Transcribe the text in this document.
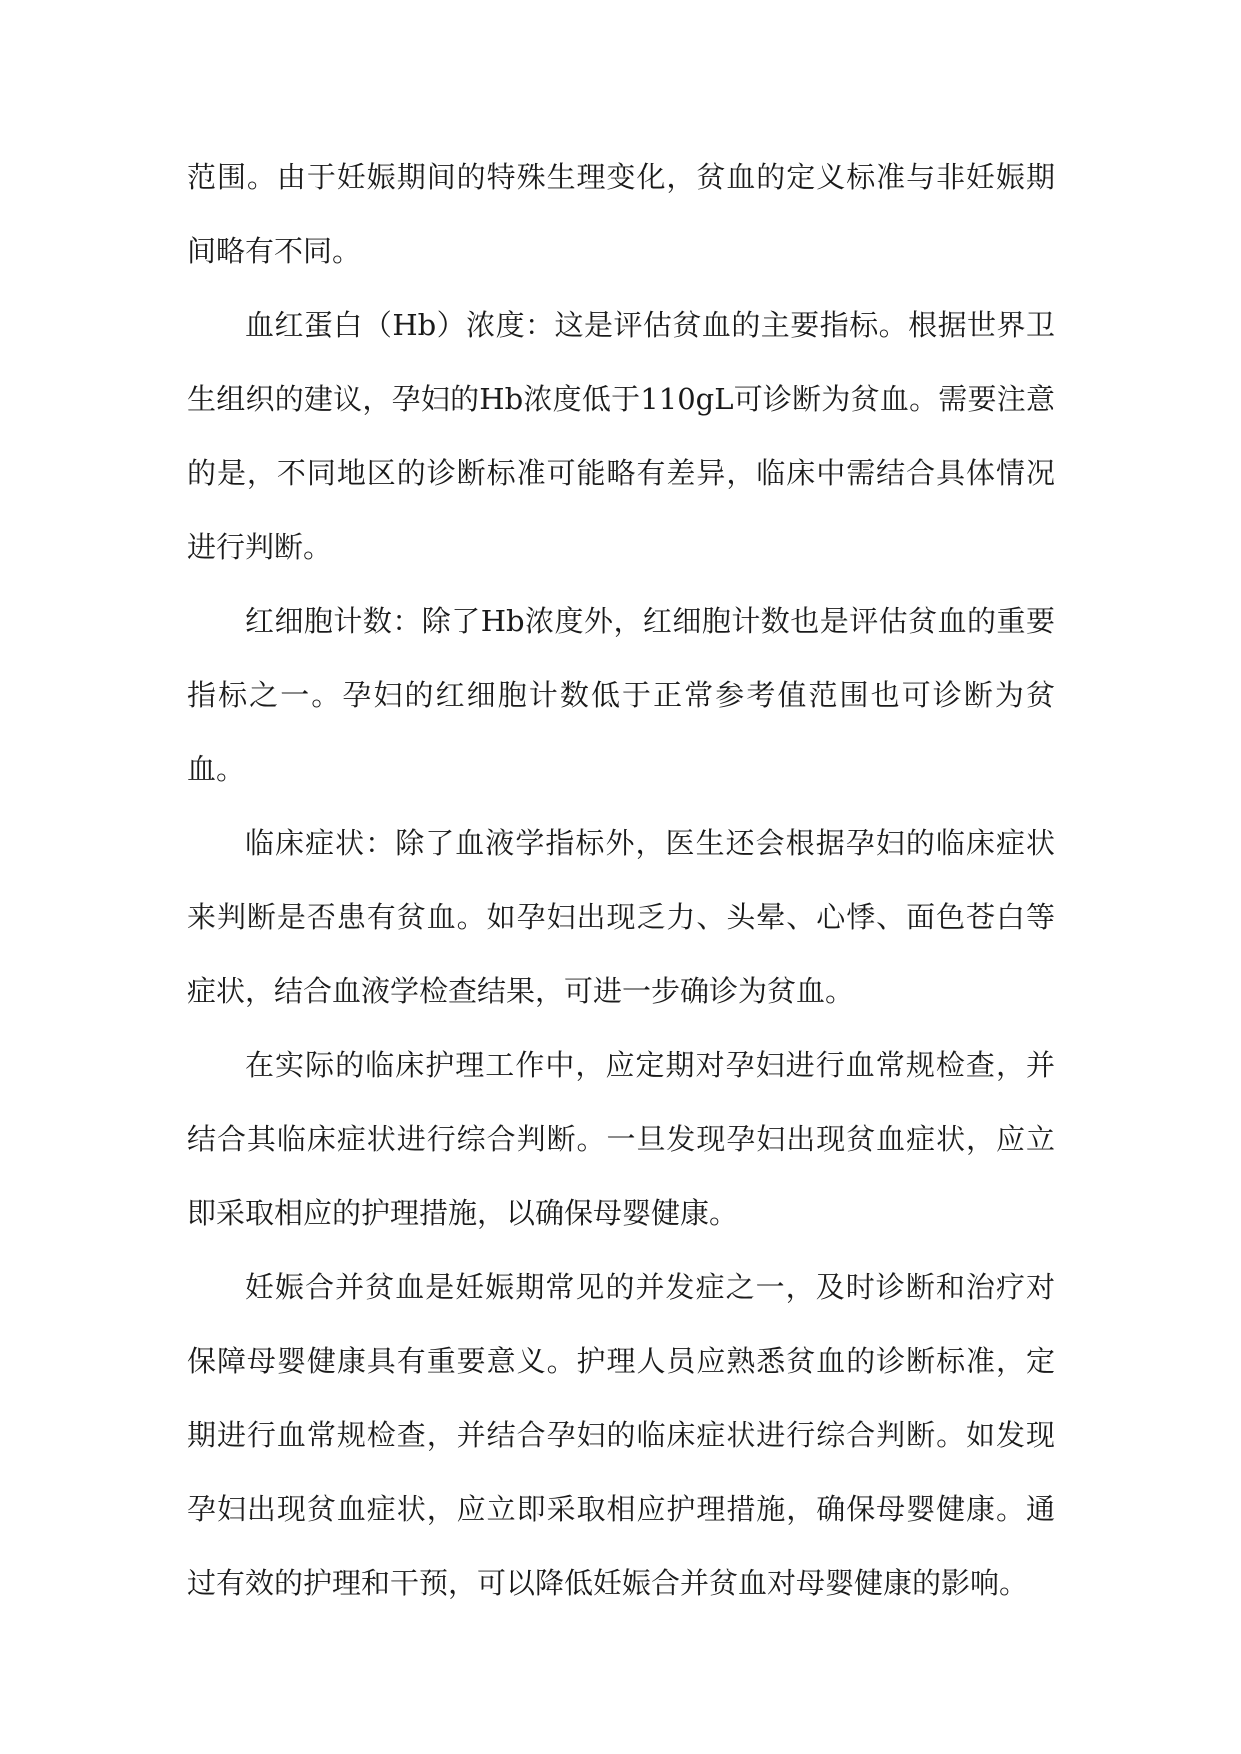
范围。由于妊娠期间的特殊生理变化，贫血的定义标准与非妊娠期间略有不同。

血红蛋白（Hb）浓度：这是评估贫血的主要指标。根据世界卫生组织的建议，孕妇的Hb浓度低于110gL可诊断为贫血。需要注意的是，不同地区的诊断标准可能略有差异，临床中需结合具体情况进行判断。

红细胞计数：除了Hb浓度外，红细胞计数也是评估贫血的重要指标之一。孕妇的红细胞计数低于正常参考值范围也可诊断为贫血。

临床症状：除了血液学指标外，医生还会根据孕妇的临床症状来判断是否患有贫血。如孕妇出现乏力、头晕、心悸、面色苍白等症状，结合血液学检查结果，可进一步确诊为贫血。

在实际的临床护理工作中，应定期对孕妇进行血常规检查，并结合其临床症状进行综合判断。一旦发现孕妇出现贫血症状，应立即采取相应的护理措施，以确保母婴健康。

妊娠合并贫血是妊娠期常见的并发症之一，及时诊断和治疗对保障母婴健康具有重要意义。护理人员应熟悉贫血的诊断标准，定期进行血常规检查，并结合孕妇的临床症状进行综合判断。如发现孕妇出现贫血症状，应立即采取相应护理措施，确保母婴健康。通过有效的护理和干预，可以降低妊娠合并贫血对母婴健康的影响。
